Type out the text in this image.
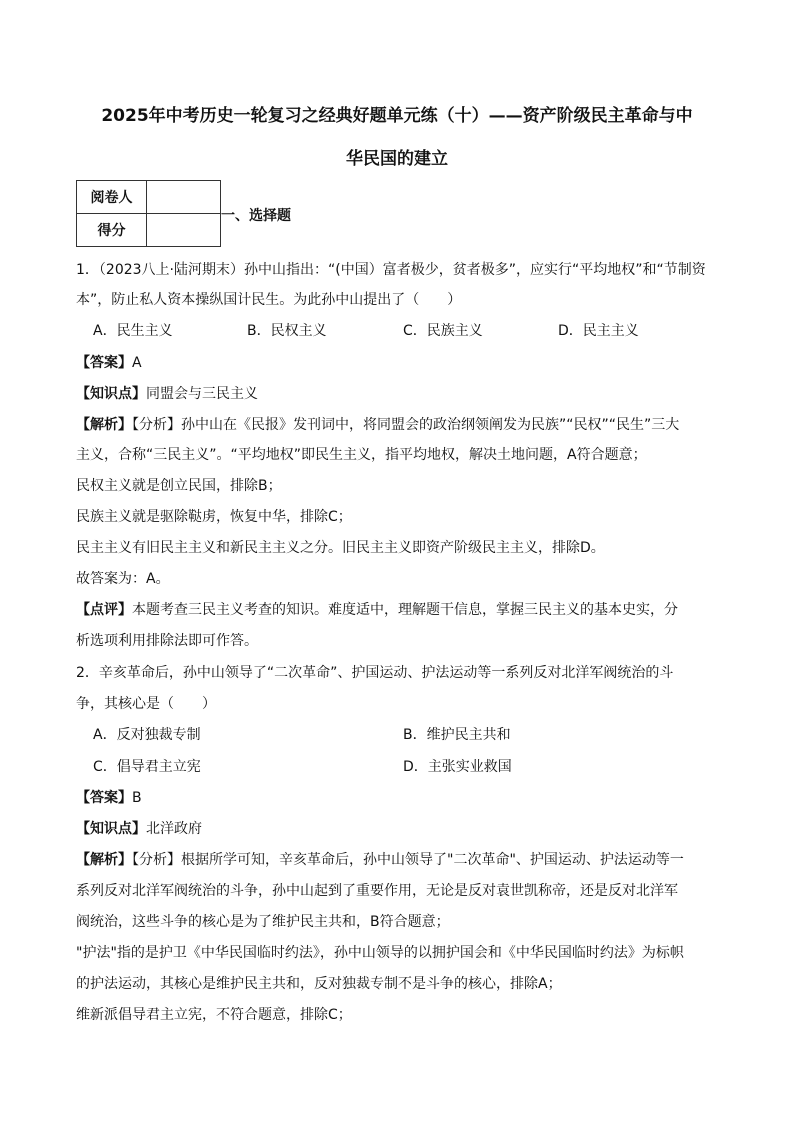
2025年中考历史一轮复习之经典好题单元练（十）——资产阶级民主革命与中
华民国的建立
阅卷人	
得分	
一、选择题
1．（2023八上·陆河期末）孙中山指出：“(中国）富者极少，贫者极多”，应实行“平均地权”和“节制资
本”，防止私人资本操纵国计民生。为此孙中山提出了（　　）
A．民生主义	B．民权主义	C．民族主义	D．民主主义
【答案】A
【知识点】同盟会与三民主义
【解析】【分析】孙中山在《民报》发刊词中，将同盟会的政治纲领阐发为民族”“民权”“民生”三大
主义，合称“三民主义”。“平均地权”即民生主义，指平均地权，解决土地问题，A符合题意；
民权主义就是创立民国，排除B；
民族主义就是驱除鞑虏，恢复中华，排除C；
民主主义有旧民主主义和新民主主义之分。旧民主主义即资产阶级民主主义，排除D。
故答案为：A。
【点评】本题考查三民主义考查的知识。难度适中，理解题干信息，掌握三民主义的基本史实，分
析选项利用排除法即可作答。
2．辛亥革命后，孙中山领导了“二次革命”、护国运动、护法运动等一系列反对北洋军阀统治的斗
争，其核心是（　　）
A．反对独裁专制	B．维护民主共和
C．倡导君主立宪	D．主张实业救国
【答案】B
【知识点】北洋政府
【解析】【分析】根据所学可知，辛亥革命后，孙中山领导了"二次革命"、护国运动、护法运动等一
系列反对北洋军阀统治的斗争，孙中山起到了重要作用，无论是反对袁世凯称帝，还是反对北洋军
阀统治，这些斗争的核心是为了维护民主共和，B符合题意；
"护法"指的是护卫《中华民国临时约法》，孙中山领导的以拥护国会和《中华民国临时约法》为标帜
的护法运动，其核心是维护民主共和，反对独裁专制不是斗争的核心，排除A；
维新派倡导君主立宪，不符合题意，排除C；
